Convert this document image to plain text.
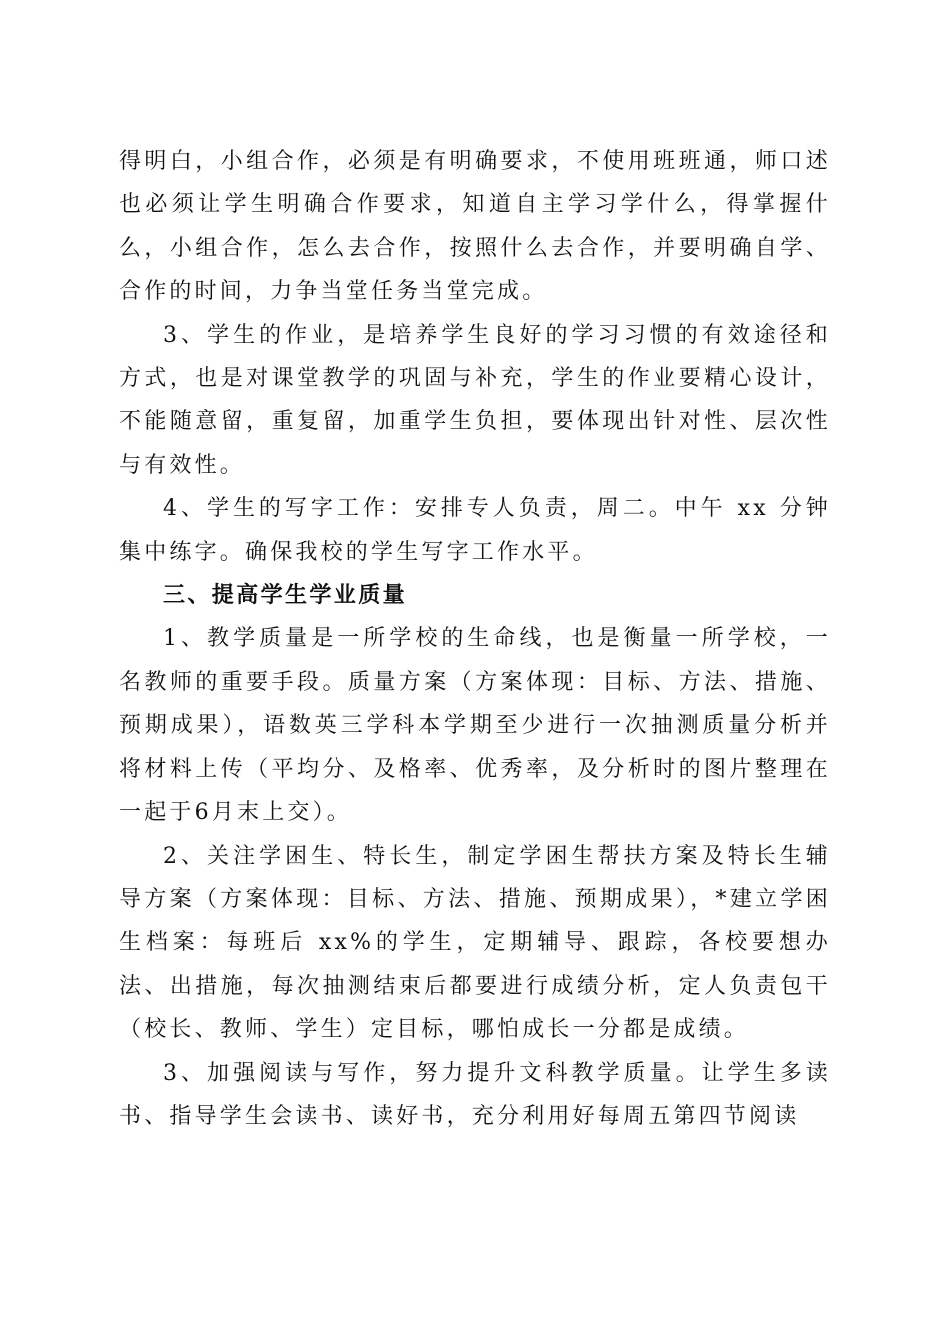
得明白，小组合作，必须是有明确要求，不使用班班通，师口述也必须让学生明确合作要求，知道自主学习学什么，得掌握什么，小组合作，怎么去合作，按照什么去合作，并要明确自学、合作的时间，力争当堂任务当堂完成。

3、学生的作业，是培养学生良好的学习习惯的有效途径和方式，也是对课堂教学的巩固与补充，学生的作业要精心设计，不能随意留，重复留，加重学生负担，要体现出针对性、层次性与有效性。

4、学生的写字工作：安排专人负责，周二。中午 xx 分钟集中练字。确保我校的学生写字工作水平。

三、提高学生学业质量

1、教学质量是一所学校的生命线，也是衡量一所学校，一名教师的重要手段。质量方案（方案体现：目标、方法、措施、预期成果），语数英三学科本学期至少进行一次抽测质量分析并将材料上传（平均分、及格率、优秀率，及分析时的图片整理在一起于6月末上交）。

2、关注学困生、特长生，制定学困生帮扶方案及特长生辅导方案（方案体现：目标、方法、措施、预期成果），*建立学困生档案：每班后 xx%的学生，定期辅导、跟踪，各校要想办法、出措施，每次抽测结束后都要进行成绩分析，定人负责包干（校长、教师、学生）定目标，哪怕成长一分都是成绩。

3、加强阅读与写作，努力提升文科教学质量。让学生多读书、指导学生会读书、读好书，充分利用好每周五第四节阅读
